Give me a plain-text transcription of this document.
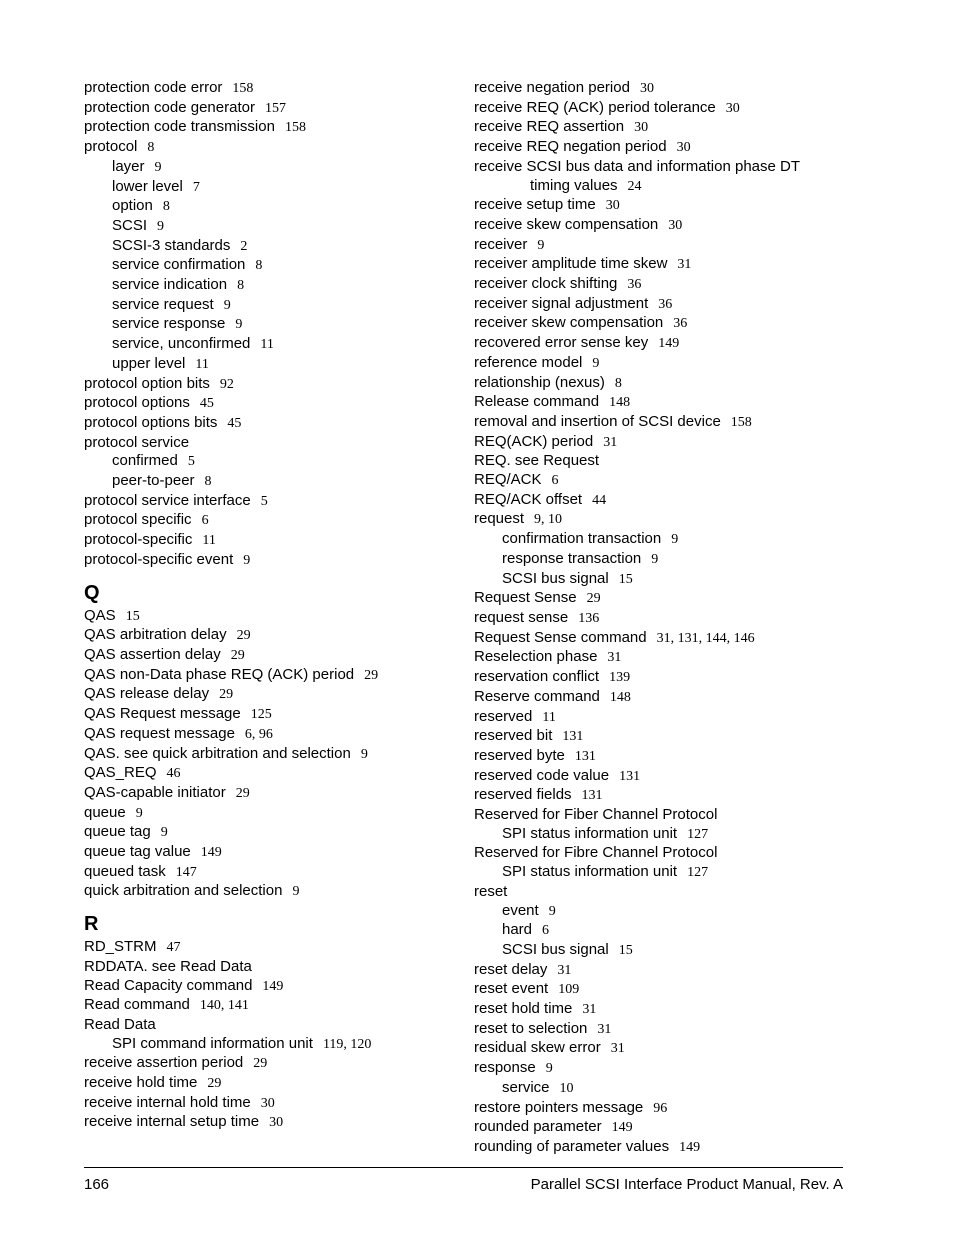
protection code error 158
protection code generator 157
protection code transmission 158
protocol 8
layer 9
lower level 7
option 8
SCSI 9
SCSI-3 standards 2
service confirmation 8
service indication 8
service request 9
service response 9
service, unconfirmed 11
upper level 11
protocol option bits 92
protocol options 45
protocol options bits 45
protocol service
confirmed 5
peer-to-peer 8
protocol service interface 5
protocol specific 6
protocol-specific 11
protocol-specific event 9
Q
QAS 15
QAS arbitration delay 29
QAS assertion delay 29
QAS non-Data phase REQ (ACK) period 29
QAS release delay 29
QAS Request message 125
QAS request message 6, 96
QAS. see quick arbitration and selection 9
QAS_REQ 46
QAS-capable initiator 29
queue 9
queue tag 9
queue tag value 149
queued task 147
quick arbitration and selection 9
R
RD_STRM 47
RDDATA. see Read Data
Read Capacity command 149
Read command 140, 141
Read Data
SPI command information unit 119, 120
receive assertion period 29
receive hold time 29
receive internal hold time 30
receive internal setup time 30
receive negation period 30
receive REQ (ACK) period tolerance 30
receive REQ assertion 30
receive REQ negation period 30
receive SCSI bus data and information phase DT
timing values 24
receive setup time 30
receive skew compensation 30
receiver 9
receiver amplitude time skew 31
receiver clock shifting 36
receiver signal adjustment 36
receiver skew compensation 36
recovered error sense key 149
reference model 9
relationship (nexus) 8
Release command 148
removal and insertion of SCSI device 158
REQ(ACK) period 31
REQ. see Request
REQ/ACK 6
REQ/ACK offset 44
request 9, 10
confirmation transaction 9
response transaction 9
SCSI bus signal 15
Request Sense 29
request sense 136
Request Sense command 31, 131, 144, 146
Reselection phase 31
reservation conflict 139
Reserve command 148
reserved 11
reserved bit 131
reserved byte 131
reserved code value 131
reserved fields 131
Reserved for Fiber Channel Protocol
SPI status information unit 127
Reserved for Fibre Channel Protocol
SPI status information unit 127
reset
event 9
hard 6
SCSI bus signal 15
reset delay 31
reset event 109
reset hold time 31
reset to selection 31
residual skew error 31
response 9
service 10
restore pointers message 96
rounded parameter 149
rounding of parameter values 149
166	Parallel SCSI Interface Product Manual, Rev. A
